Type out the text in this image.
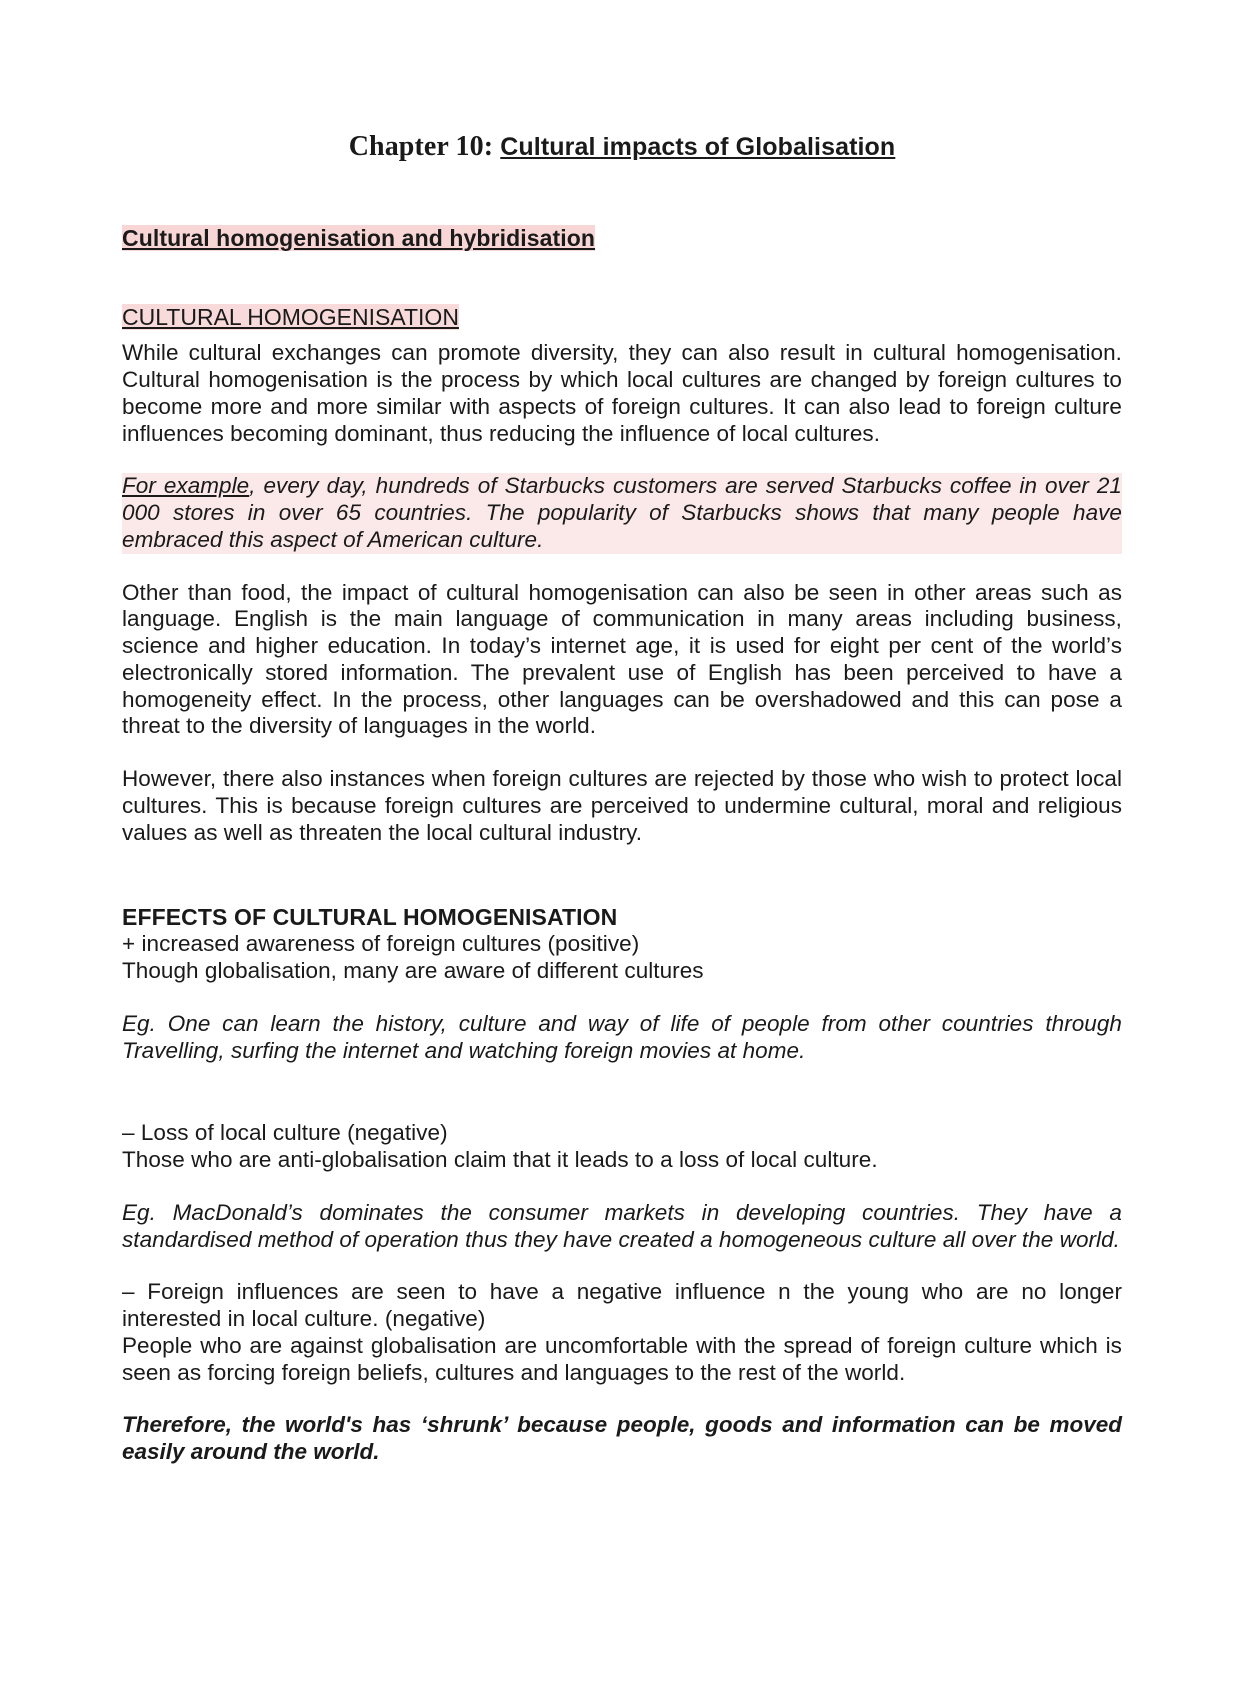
Chapter 10: Cultural impacts of Globalisation
Cultural homogenisation and hybridisation
CULTURAL HOMOGENISATION

While cultural exchanges can promote diversity, they can also result in cultural homogenisation. Cultural homogenisation is the process by which local cultures are changed by foreign cultures to become more and more similar with aspects of foreign cultures. It can also lead to foreign culture influences becoming dominant, thus reducing the influence of local cultures.

For example, every day, hundreds of Starbucks customers are served Starbucks coffee in over 21 000 stores in over 65 countries. The popularity of Starbucks shows that many people have embraced this aspect of American culture.

Other than food, the impact of cultural homogenisation can also be seen in other areas such as language. English is the main language of communication in many areas including business, science and higher education. In today’s internet age, it is used for eight per cent of the world’s electronically stored information. The prevalent use of English has been perceived to have a homogeneity effect. In the process, other languages can be overshadowed and this can pose a threat to the diversity of languages in the world.

However, there also instances when foreign cultures are rejected by those who wish to protect local cultures. This is because foreign cultures are perceived to undermine cultural, moral and religious values as well as threaten the local cultural industry.

EFFECTS OF CULTURAL HOMOGENISATION

+ increased awareness of foreign cultures (positive)

Though globalisation, many are aware of different cultures

Eg. One can learn the history, culture and way of life of people from other countries through Travelling, surfing the internet and watching foreign movies at home.

– Loss of local culture (negative)

Those who are anti-globalisation claim that it leads to a loss of local culture.

Eg. MacDonald’s dominates the consumer markets in developing countries. They have a standardised method of operation thus they have created a homogeneous culture all over the world.

– Foreign influences are seen to have a negative influence n the young who are no longer interested in local culture. (negative)

People who are against globalisation are uncomfortable with the spread of foreign culture which is seen as forcing foreign beliefs, cultures and languages to the rest of the world.

Therefore, the world's has ‘shrunk’ because people, goods and information can be moved easily around the world.
